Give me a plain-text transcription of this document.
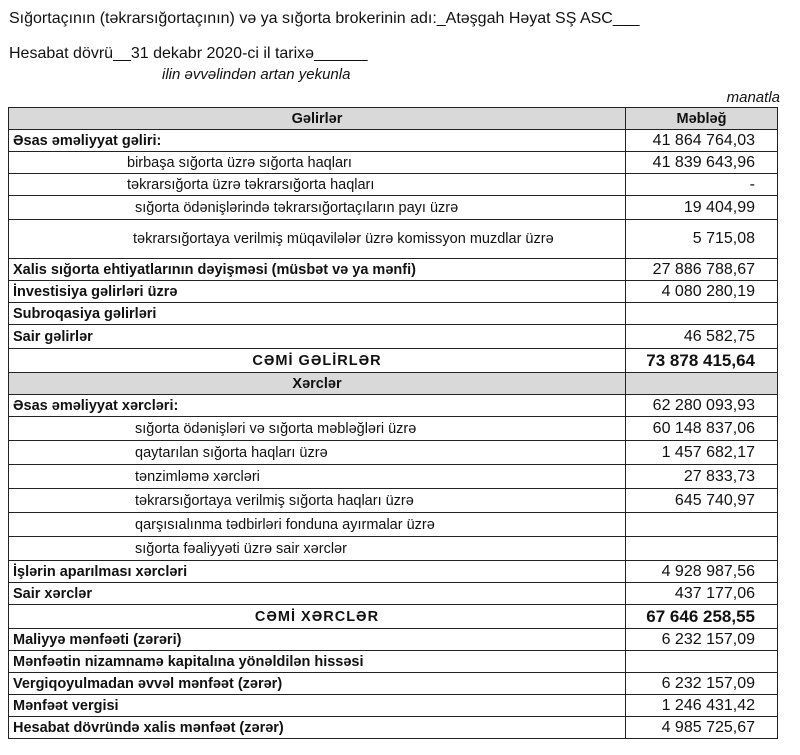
Sığortaçının (təkrarsığortaçının) və ya sığorta brokerinin adı:_Atəşgah Həyat SŞ ASC___
Hesabat dövrü__31 dekabr 2020-ci il tarixə______
ilin əvvəlindən artan yekunla
manatla
Gəlirlər	Məbləğ
Əsas əməliyyat gəliri:	41 864 764,03
birbaşa sığorta üzrə sığorta haqları	41 839 643,96
təkrarsığorta üzrə təkrarsığorta haqları	-
sığorta ödənişlərində təkrarsığortaçıların payı üzrə	19 404,99
təkrarsığortaya verilmiş müqavilələr üzrə komissyon muzdlar üzrə	5 715,08
Xalis sığorta ehtiyatlarının dəyişməsi (müsbət və ya mənfi)	27 886 788,67
İnvestisiya gəlirləri üzrə	4 080 280,19
Subroqasiya gəlirləri	
Sair gəlirlər	46 582,75
CƏMİ GƏLİRLƏR	73 878 415,64
Xərclər	
Əsas əməliyyat xərcləri:	62 280 093,93
sığorta ödənişləri və sığorta məbləğləri üzrə	60 148 837,06
qaytarılan sığorta haqları üzrə	1 457 682,17
tənzimləmə xərcləri	27 833,73
təkrarsığortaya verilmiş sığorta haqları üzrə	645 740,97
qarşısıalınma tədbirləri fonduna ayırmalar üzrə	
sığorta fəaliyyəti üzrə sair xərclər	
İşlərin aparılması xərcləri	4 928 987,56
Sair xərclər	437 177,06
CƏMİ XƏRCLƏR	67 646 258,55
Maliyyə mənfəəti (zərəri)	6 232 157,09
Mənfəətin nizamnamə kapitalına yönəldilən hissəsi	
Vergiqoyulmadan əvvəl mənfəət (zərər)	6 232 157,09
Mənfəət vergisi	1 246 431,42
Hesabat dövründə xalis mənfəət (zərər)	4 985 725,67
